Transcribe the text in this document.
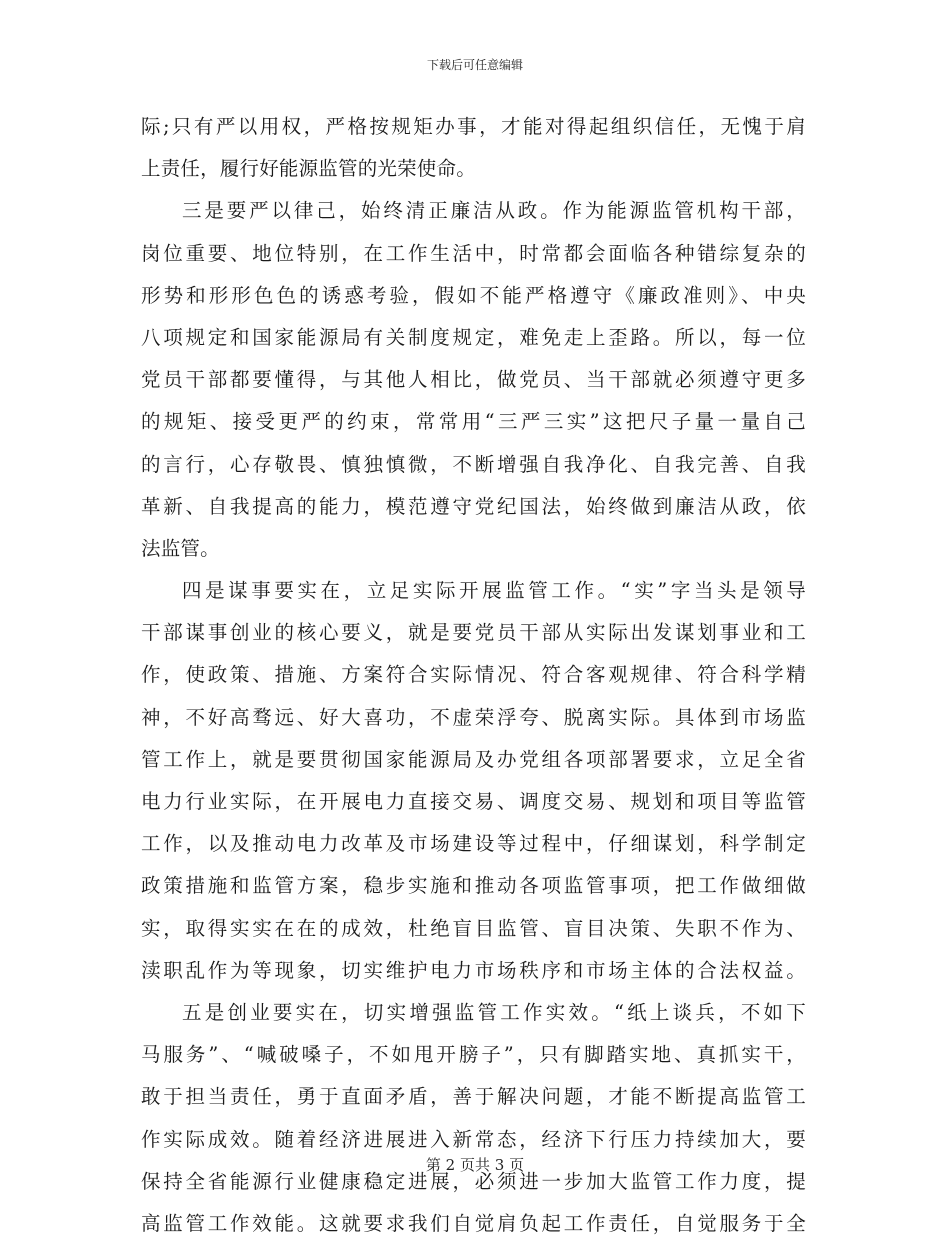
下载后可任意编辑
际;只有严以用权，严格按规矩办事，才能对得起组织信任，无愧于肩
上责任，履行好能源监管的光荣使命。
三是要严以律己，始终清正廉洁从政。作为能源监管机构干部，
岗位重要、地位特别，在工作生活中，时常都会面临各种错综复杂的
形势和形形色色的诱惑考验，假如不能严格遵守《廉政准则》、中央
八项规定和国家能源局有关制度规定，难免走上歪路。所以，每一位
党员干部都要懂得，与其他人相比，做党员、当干部就必须遵守更多
的规矩、接受更严的约束，常常用“三严三实”这把尺子量一量自己
的言行，心存敬畏、慎独慎微，不断增强自我净化、自我完善、自我
革新、自我提高的能力，模范遵守党纪国法，始终做到廉洁从政，依
法监管。
四是谋事要实在，立足实际开展监管工作。“实”字当头是领导
干部谋事创业的核心要义，就是要党员干部从实际出发谋划事业和工
作，使政策、措施、方案符合实际情况、符合客观规律、符合科学精
神，不好高骛远、好大喜功，不虚荣浮夸、脱离实际。具体到市场监
管工作上，就是要贯彻国家能源局及办党组各项部署要求，立足全省
电力行业实际，在开展电力直接交易、调度交易、规划和项目等监管
工作，以及推动电力改革及市场建设等过程中，仔细谋划，科学制定
政策措施和监管方案，稳步实施和推动各项监管事项，把工作做细做
实，取得实实在在的成效，杜绝盲目监管、盲目决策、失职不作为、
渎职乱作为等现象，切实维护电力市场秩序和市场主体的合法权益。
五是创业要实在，切实增强监管工作实效。“纸上谈兵，不如下
马服务”、“喊破嗓子，不如甩开膀子”，只有脚踏实地、真抓实干，
敢于担当责任，勇于直面矛盾，善于解决问题，才能不断提高监管工
作实际成效。随着经济进展进入新常态，经济下行压力持续加大，要
保持全省能源行业健康稳定进展，必须进一步加大监管工作力度，提
高监管工作效能。这就要求我们自觉肩负起工作责任，自觉服务于全
第 2 页共 3 页
